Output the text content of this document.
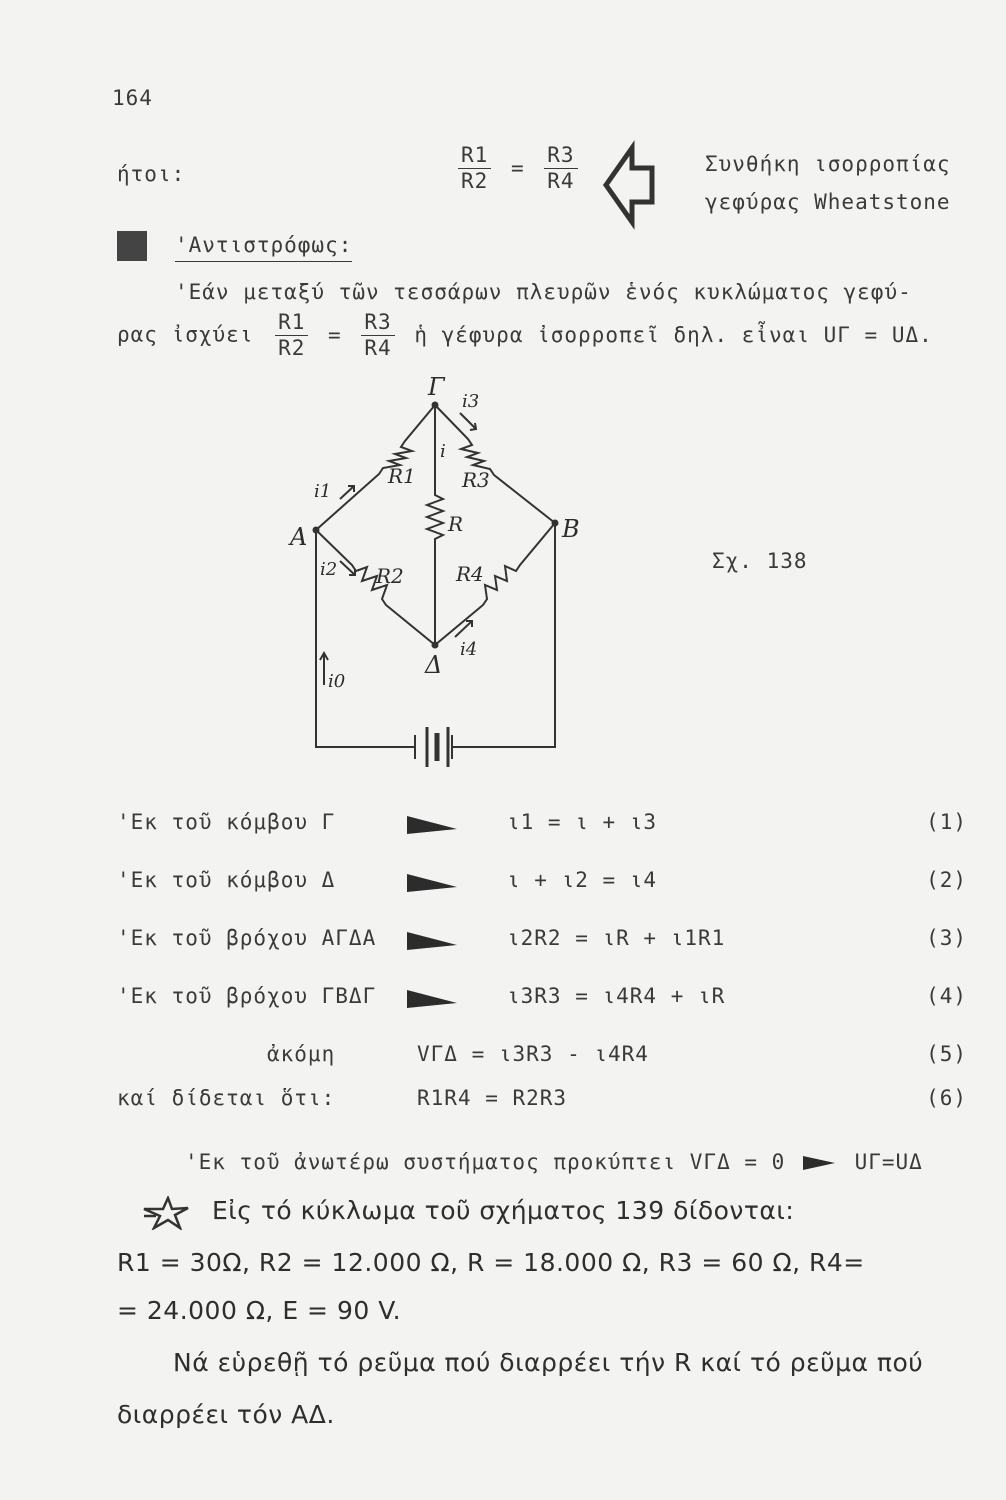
164
ήτοι:	$\frac{R1}{R2} = \frac{R3}{R4}$	Συνθήκη ισορροπίας
γεφύρας Wheatstone
'Αντιστρόφως:
'Εάν μεταξύ τῶν τεσσάρων πλευρῶν ἑνός κυκλώματος γεφύ-
ρας ἰσχύει $\frac{R1}{R2} = \frac{R3}{R4}$ ἡ γέφυρα ἰσορροπεῖ δηλ. εἶναι UΓ = UΔ.
Γ
A	B
Δ
R1 R3
R2	R4
R
i3
i
i1
i2
i4
i0
Σχ. 138
'Εκ τοῦ κόμβου Γ	ι1 = ι + ι3	(1)
'Εκ τοῦ κόμβου Δ	ι + ι2 = ι4	(2)
'Εκ τοῦ βρόχου ΑΓΔΑ	ι2R2 = ιR + ι1R1	(3)
'Εκ τοῦ βρόχου ΓΒΔΓ	ι3R3 = ι4R4 + ιR	(4)
ἀκόμη	VΓΔ = ι3R3 - ι4R4	(5)
καί δίδεται ὅτι:	R1R4 = R2R3	(6)
'Εκ τοῦ ἀνωτέρω συστήματος προκύπτει VΓΔ = 0	UΓ=UΔ
Εἰς τό κύκλωμα τοῦ σχήματος 139 δίδονται:
R1 = 30Ω, R2 = 12.000 Ω, R = 18.000 Ω, R3 = 60 Ω, R4=
= 24.000 Ω, E = 90 V.
Νά εὑρεθῇ τό ρεῦμα πού διαρρέει τήν R καί τό ρεῦμα πού
διαρρέει τόν ΑΔ.
